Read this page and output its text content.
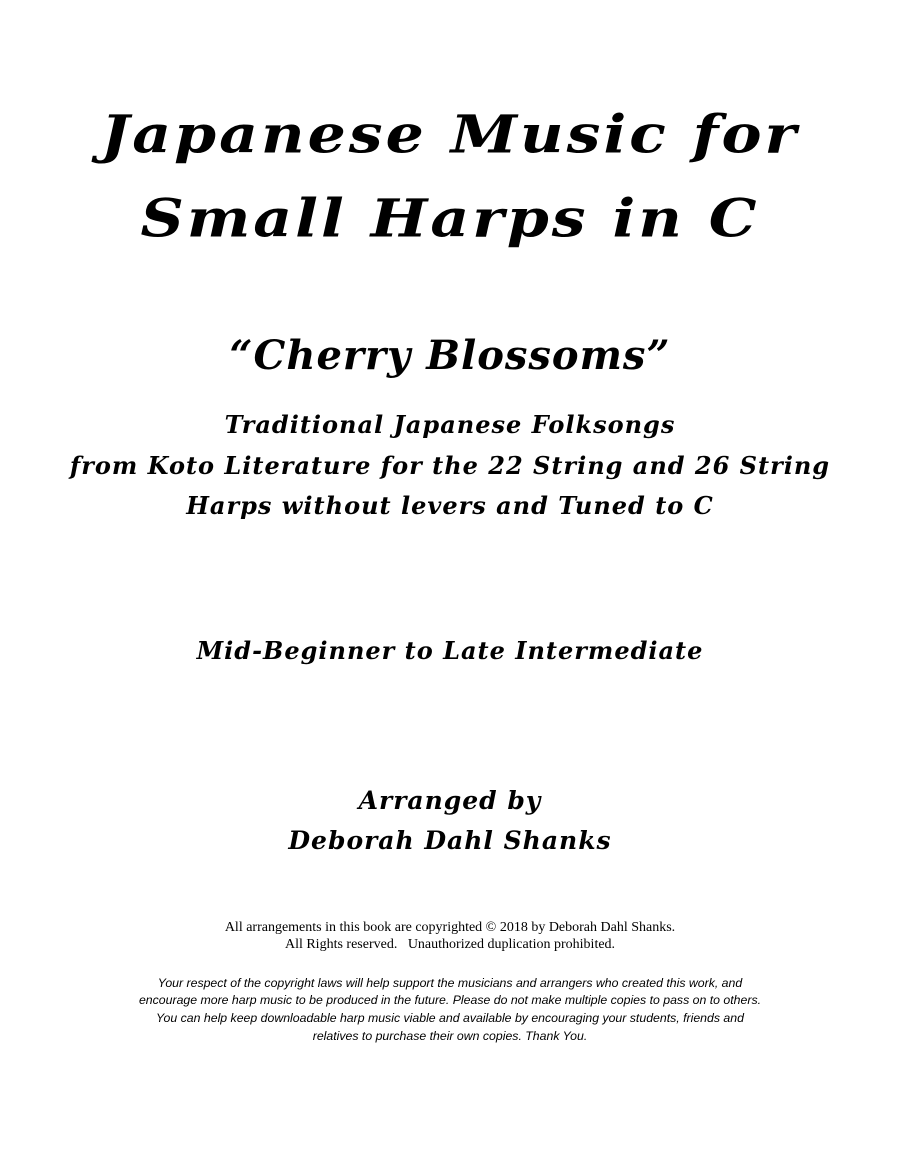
Japanese Music for
Small Harps in C
“Cherry Blossoms”
Traditional Japanese Folksongs
from Koto Literature for the 22 String and 26 String
Harps without levers and Tuned to C
Mid-Beginner to Late Intermediate
Arranged by
Deborah Dahl Shanks
All arrangements in this book are copyrighted © 2018 by Deborah Dahl Shanks.
All Rights reserved.   Unauthorized duplication prohibited.
Your respect of the copyright laws will help support the musicians and arrangers who created this work, and
encourage more harp music to be produced in the future. Please do not make multiple copies to pass on to others.
You can help keep downloadable harp music viable and available by encouraging your students, friends and
relatives to purchase their own copies. Thank You.
